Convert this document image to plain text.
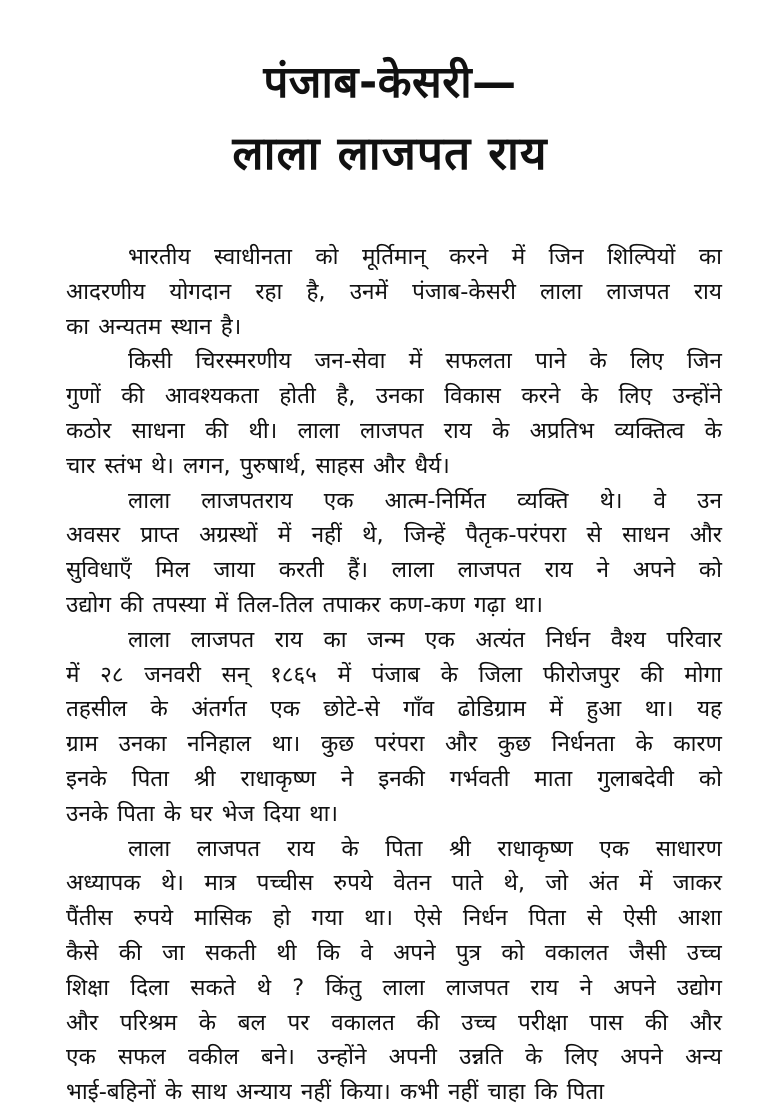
पंजाब-केसरी—
लाला लाजपत राय
भारतीय स्वाधीनता को मूर्तिमान् करने में जिन शिल्पियों का
आदरणीय योगदान रहा है, उनमें पंजाब-केसरी लाला लाजपत राय
का
अन्यतम
स्थान
है।
किसी चिरस्मरणीय जन-सेवा में सफलता पाने के लिए जिन
गुणों की आवश्यकता होती है, उनका विकास करने के लिए उन्होंने
कठोर साधना की थी। लाला लाजपत राय के अप्रतिभ व्यक्तित्व के
चार
स्तंभ
थे।
लगन,
पुरुषार्थ,
साहस
और
धैर्य।
लाला लाजपतराय एक आत्म-निर्मित व्यक्ति थे। वे उन
अवसर प्राप्त अग्रस्थों में नहीं थे, जिन्हें पैतृक-परंपरा से साधन और
सुविधाएँ मिल जाया करती हैं। लाला लाजपत राय ने अपने को
उद्योग
की
तपस्या
में
तिल-तिल
तपाकर
कण-कण
गढ़ा
था।
लाला लाजपत राय का जन्म एक अत्यंत निर्धन वैश्य परिवार
में २८ जनवरी सन् १८६५ में पंजाब के जिला फीरोजपुर की मोगा
तहसील के अंतर्गत एक छोटे-से गाँव ढोडिग्राम में हुआ था। यह
ग्राम उनका ननिहाल था। कुछ परंपरा और कुछ निर्धनता के कारण
इनके पिता श्री राधाकृष्ण ने इनकी गर्भवती माता गुलाबदेवी को
उनके
पिता
के
घर
भेज
दिया
था।
लाला लाजपत राय के पिता श्री राधाकृष्ण एक साधारण
अध्यापक थे। मात्र पच्चीस रुपये वेतन पाते थे, जो अंत में जाकर
पैंतीस रुपये मासिक हो गया था। ऐसे निर्धन पिता से ऐसी आशा
कैसे की जा सकती थी कि वे अपने पुत्र को वकालत जैसी उच्च
शिक्षा दिला सकते थे ? किंतु लाला लाजपत राय ने अपने उद्योग
और परिश्रम के बल पर वकालत की उच्च परीक्षा पास की और
एक सफल वकील बने। उन्होंने अपनी उन्नति के लिए अपने अन्य
भाई-बहिनों
के
साथ
अन्याय
नहीं
किया।
कभी
नहीं
चाहा
कि
पिता
